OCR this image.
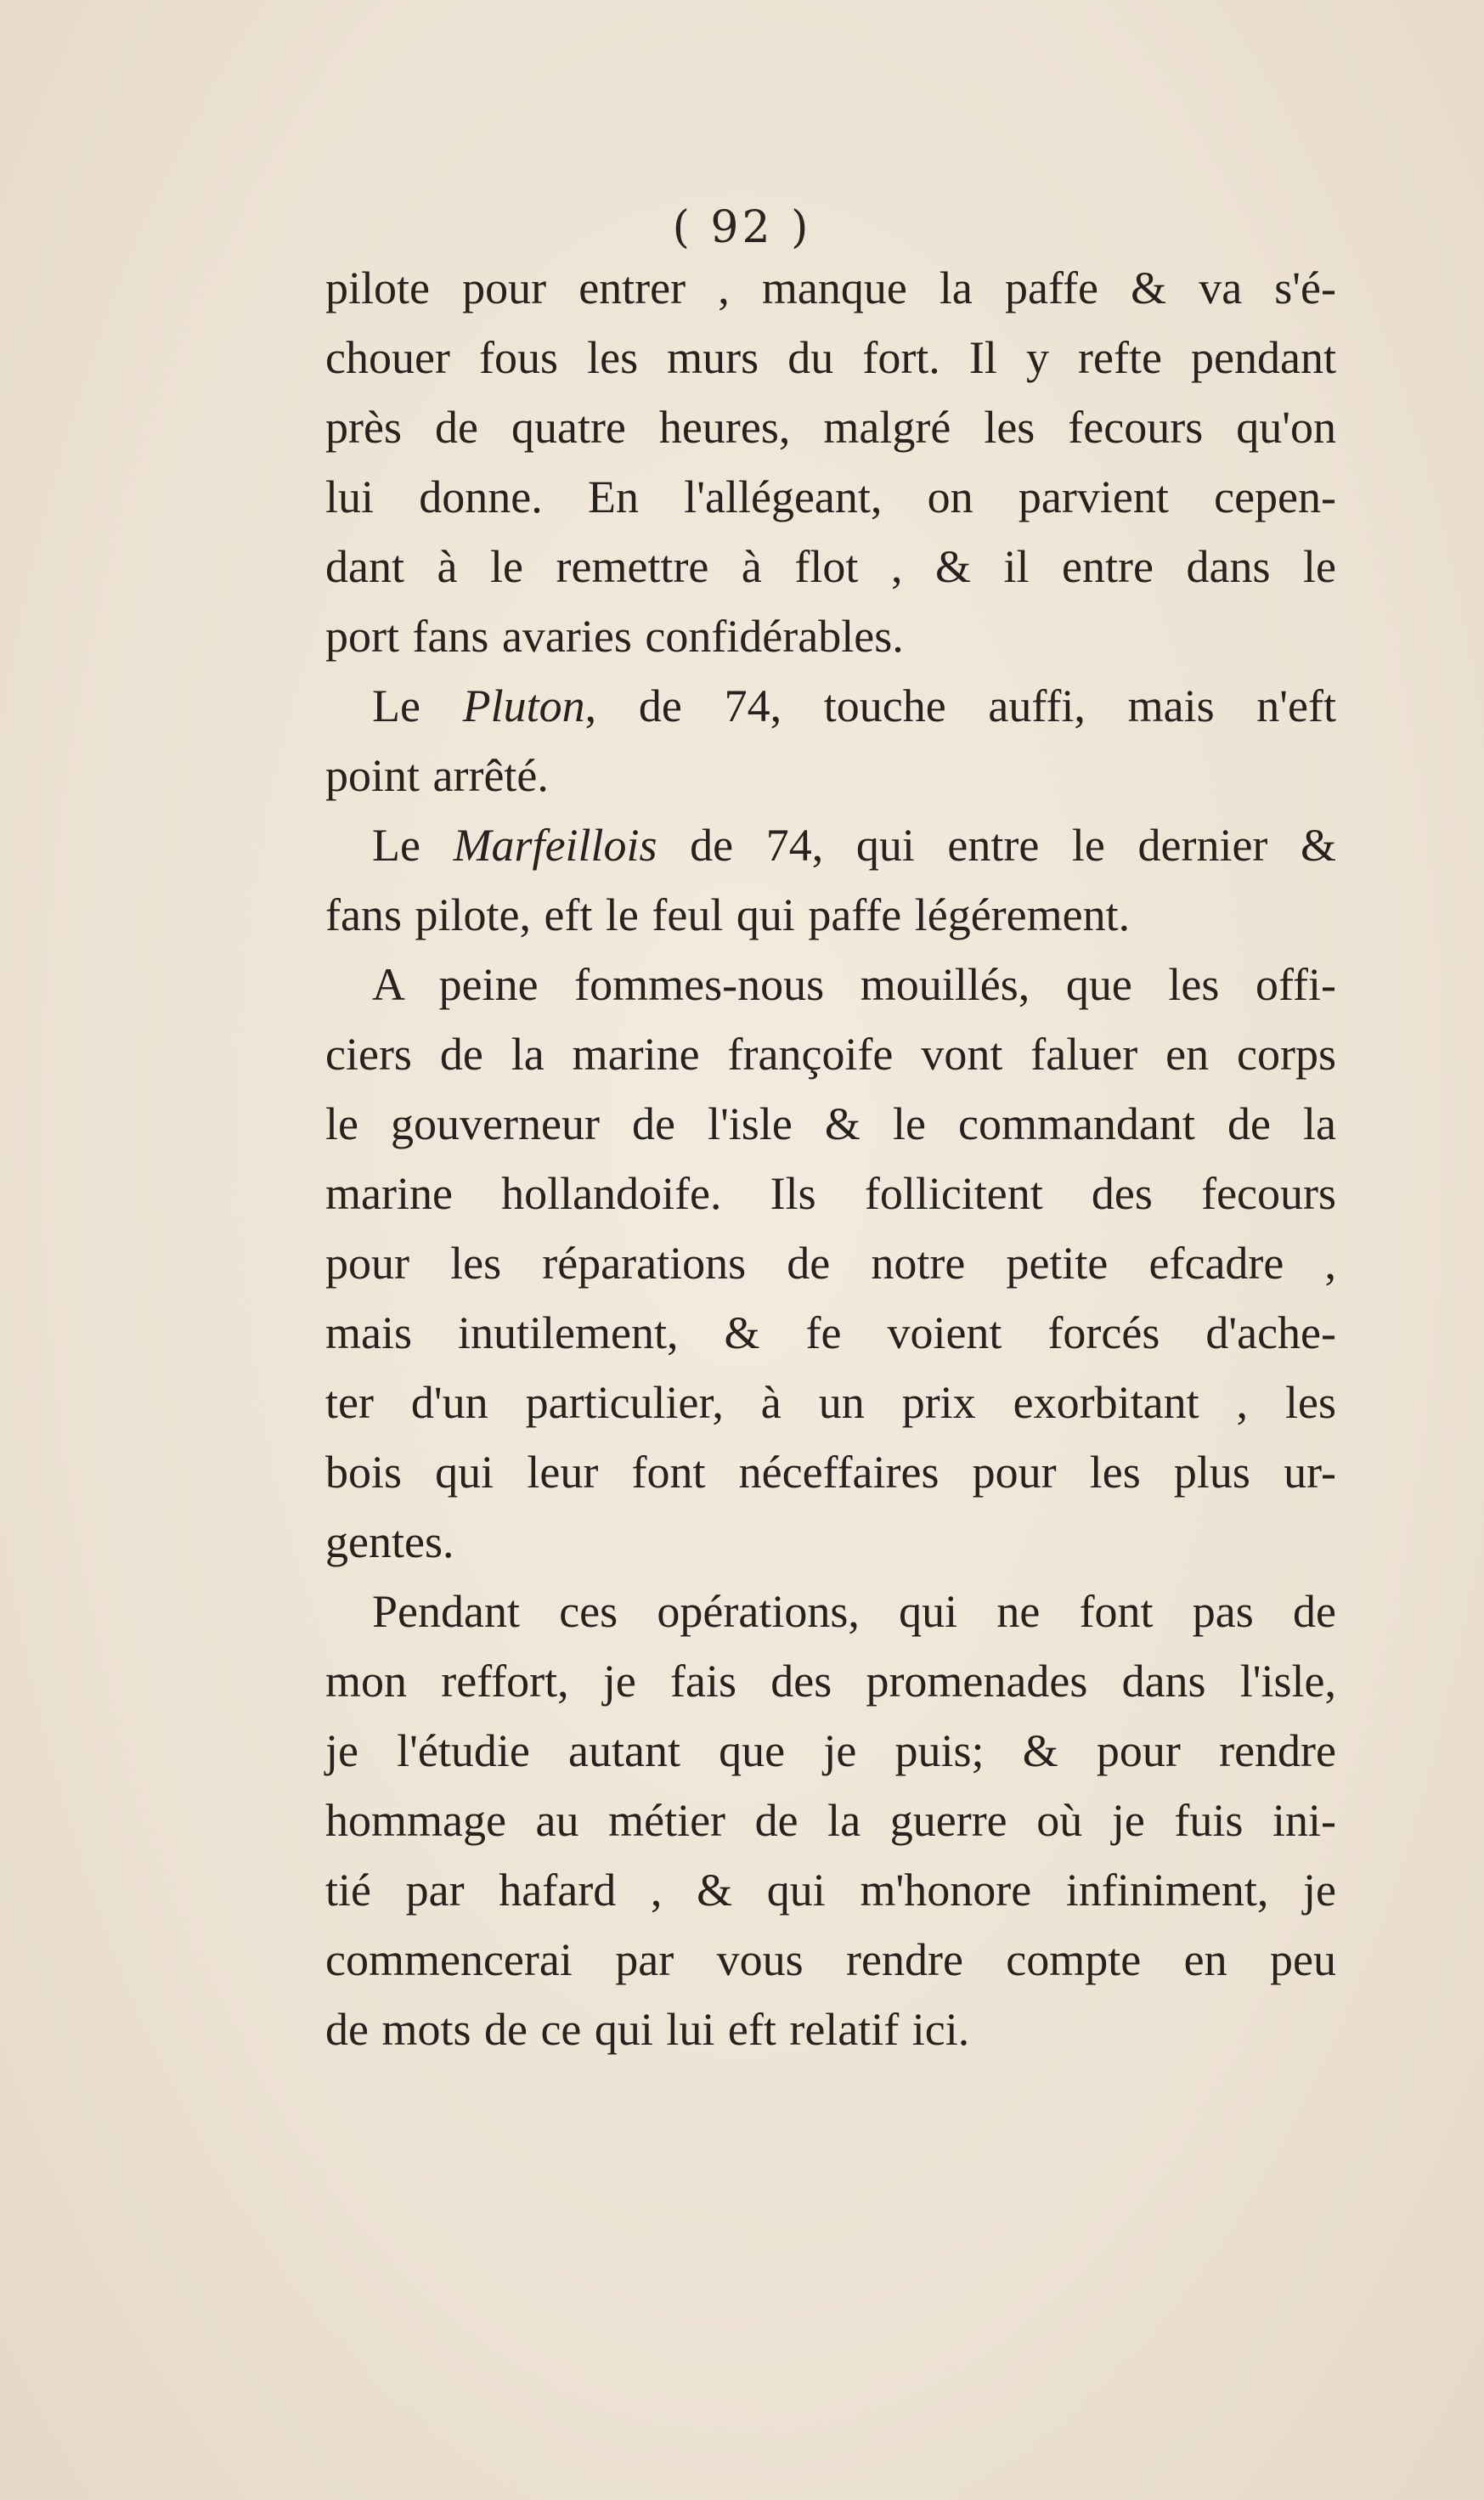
( 92 )
pilote pour entrer , manque la paffe & va s'é-
chouer fous les murs du fort. Il y refte pendant
près de quatre heures, malgré les fecours qu'on
lui donne. En l'allégeant, on parvient cepen-
dant à le remettre à flot , & il entre dans le
port fans avaries confidérables.
Le Pluton, de 74, touche auffi, mais n'eft
point arrêté.
Le Marfeillois de 74, qui entre le dernier &
fans pilote, eft le feul qui paffe légérement.
A peine fommes-nous mouillés, que les offi-
ciers de la marine françoife vont faluer en corps
le gouverneur de l'isle & le commandant de la
marine hollandoife. Ils follicitent des fecours
pour les réparations de notre petite efcadre ,
mais inutilement, & fe voient forcés d'ache-
ter d'un particulier, à un prix exorbitant , les
bois qui leur font néceffaires pour les plus ur-
gentes.
Pendant ces opérations, qui ne font pas de
mon reffort, je fais des promenades dans l'isle,
je l'étudie autant que je puis; & pour rendre
hommage au métier de la guerre où je fuis ini-
tié par hafard , & qui m'honore infiniment, je
commencerai par vous rendre compte en peu
de mots de ce qui lui eft relatif ici.
